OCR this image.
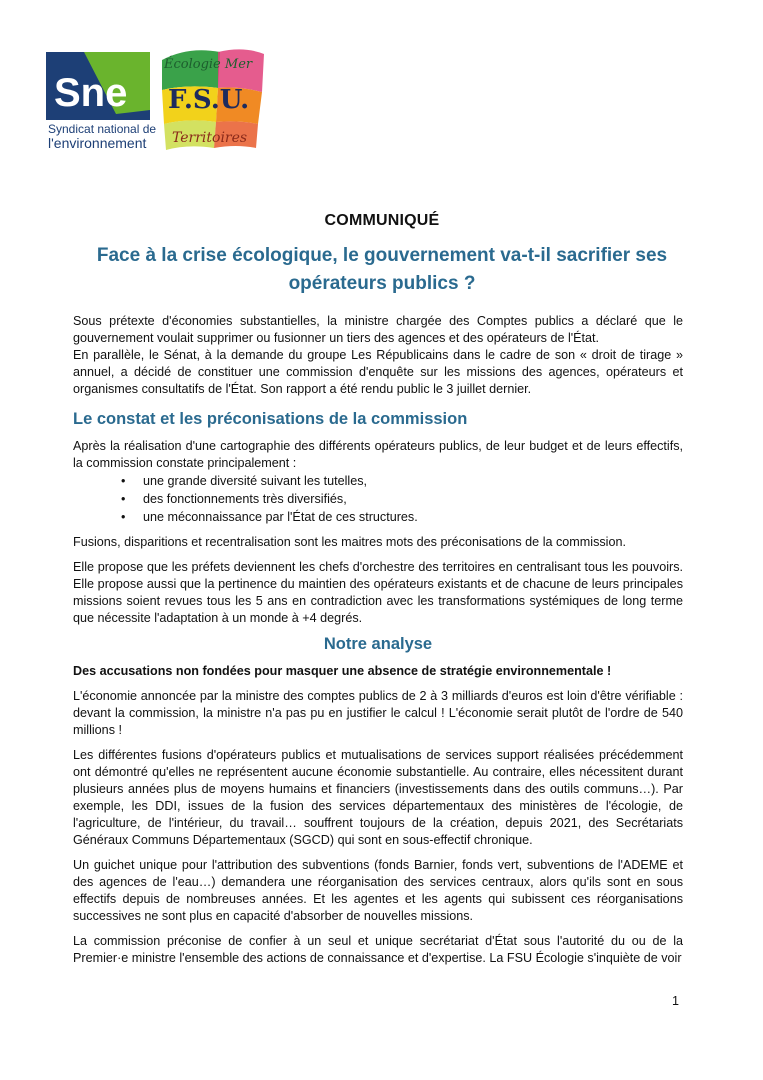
Sne
Syndicat national de
l'environnement
Écologie Mer
F.S.U.
Territoires
COMMUNIQUÉ
Face à la crise écologique, le gouvernement va-t-il sacrifier ses
opérateurs publics ?

Sous prétexte d'économies substantielles, la ministre chargée des Comptes publics a déclaré que le gouvernement voulait supprimer ou fusionner un tiers des agences et des opérateurs de l'État.

En parallèle, le Sénat, à la demande du groupe Les Républicains dans le cadre de son « droit de tirage » annuel, a décidé de constituer une commission d'enquête sur les missions des agences, opérateurs et organismes consultatifs de l'État. Son rapport a été rendu public le 3 juillet dernier.

Le constat et les préconisations de la commission

Après la réalisation d'une cartographie des différents opérateurs publics, de leur budget et de leurs effectifs, la commission constate principalement :

• une grande diversité suivant les tutelles,
• des fonctionnements très diversifiés,
• une méconnaissance par l'État de ces structures.

Fusions, disparitions et recentralisation sont les maitres mots des préconisations de la commission.

Elle propose que les préfets deviennent les chefs d'orchestre des territoires en centralisant tous les pouvoirs. Elle propose aussi que la pertinence du maintien des opérateurs existants et de chacune de leurs principales missions soient revues tous les 5 ans en contradiction avec les transformations systémiques de long terme que nécessite l'adaptation à un monde à +4 degrés.

Notre analyse

Des accusations non fondées pour masquer une absence de stratégie environnementale !

L'économie annoncée par la ministre des comptes publics de 2 à 3 milliards d'euros est loin d'être vérifiable : devant la commission, la ministre n'a pas pu en justifier le calcul ! L'économie serait plutôt de l'ordre de 540 millions !

Les différentes fusions d'opérateurs publics et mutualisations de services support réalisées précédemment ont démontré qu'elles ne représentent aucune économie substantielle. Au contraire, elles nécessitent durant plusieurs années plus de moyens humains et financiers (investissements dans des outils communs…). Par exemple, les DDI, issues de la fusion des services départementaux des ministères de l'écologie, de l'agriculture, de l'intérieur, du travail… souffrent toujours de la création, depuis 2021, des Secrétariats Généraux Communs Départementaux (SGCD) qui sont en sous-effectif chronique.

Un guichet unique pour l'attribution des subventions (fonds Barnier, fonds vert, subventions de l'ADEME et des agences de l'eau…) demandera une réorganisation des services centraux, alors qu'ils sont en sous effectifs depuis de nombreuses années. Et les agentes et les agents qui subissent ces réorganisations successives ne sont plus en capacité d'absorber de nouvelles missions.

La commission préconise de confier à un seul et unique secrétariat d'État sous l'autorité du ou de la Premier·e ministre l'ensemble des actions de connaissance et d'expertise. La FSU Écologie s'inquiète de voir

1
